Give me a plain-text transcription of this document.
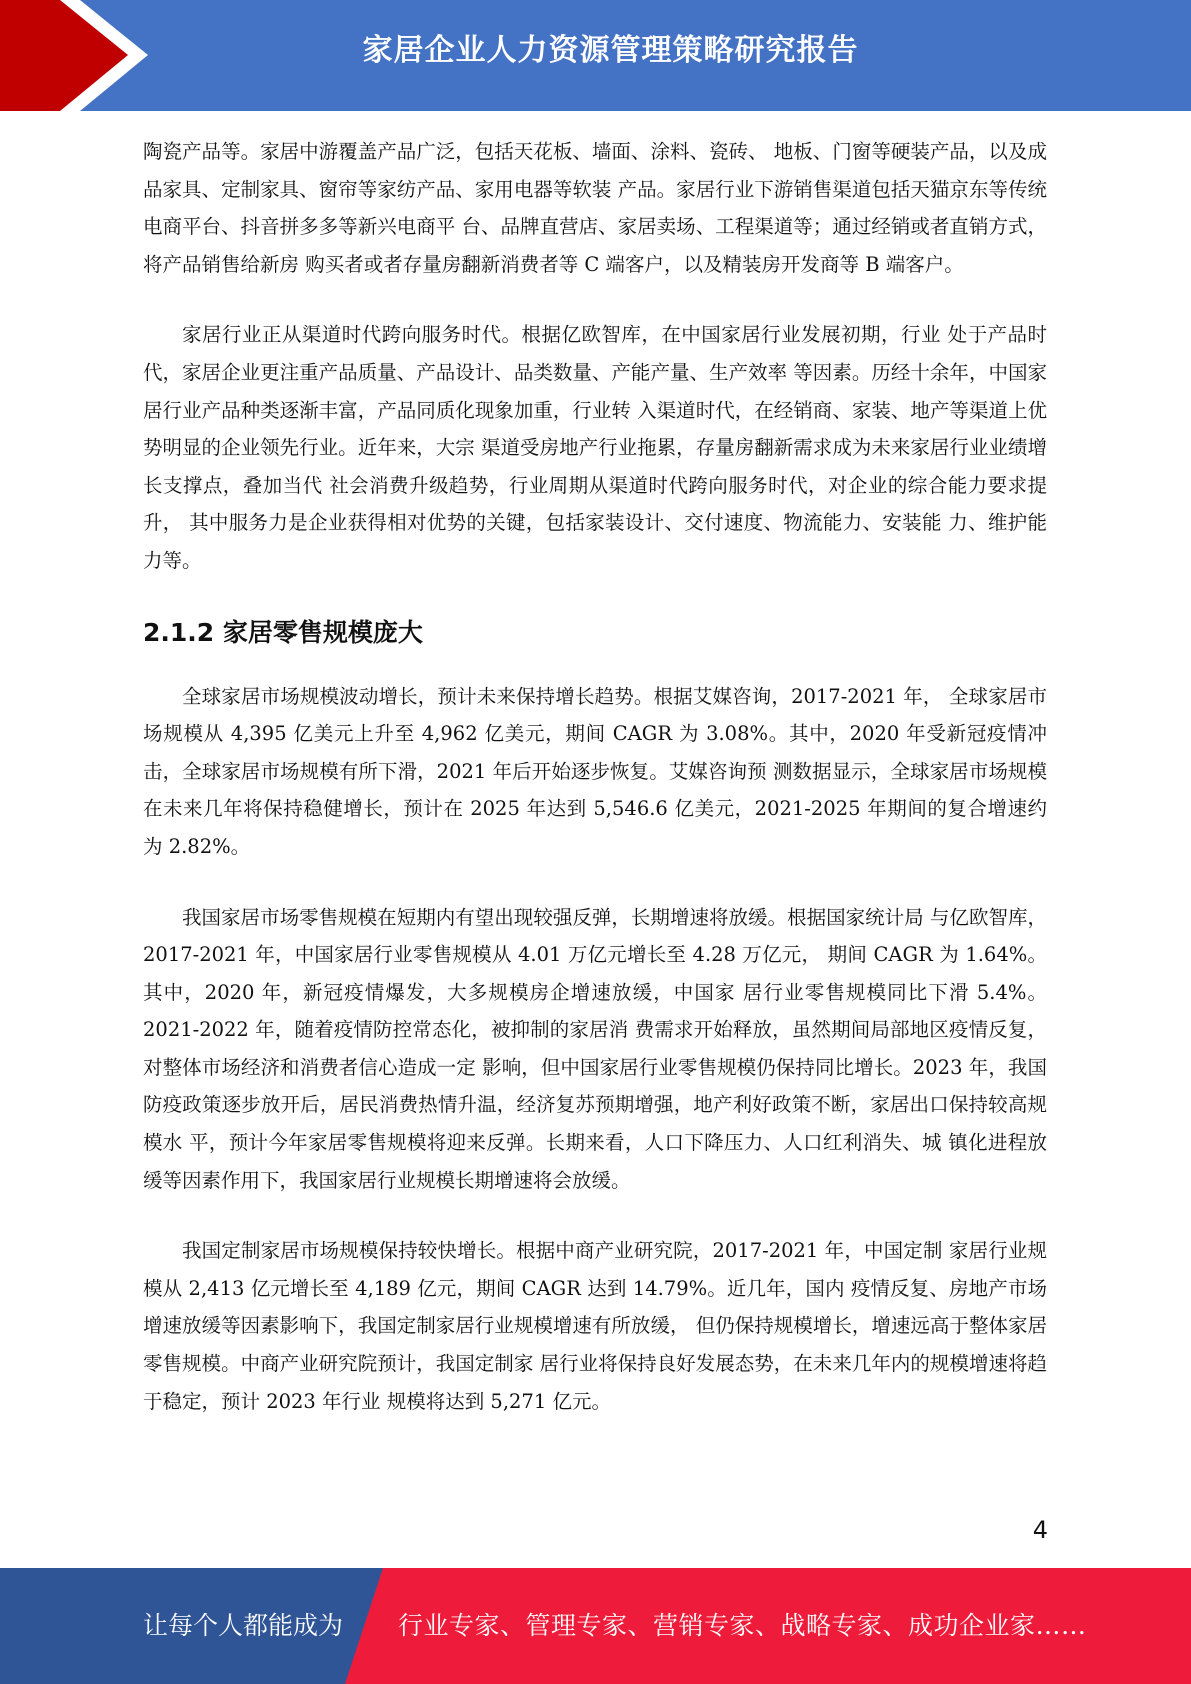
家居企业人力资源管理策略研究报告

陶瓷产品等。家居中游覆盖产品广泛，包括天花板、墙面、涂料、瓷砖、 地板、门窗等硬装产品，以及成品家具、定制家具、窗帘等家纺产品、家用电器等软装 产品。家居行业下游销售渠道包括天猫京东等传统电商平台、抖音拼多多等新兴电商平 台、品牌直营店、家居卖场、工程渠道等；通过经销或者直销方式，将产品销售给新房 购买者或者存量房翻新消费者等 C 端客户，以及精装房开发商等 B 端客户。

家居行业正从渠道时代跨向服务时代。根据亿欧智库，在中国家居行业发展初期，行业 处于产品时代，家居企业更注重产品质量、产品设计、品类数量、产能产量、生产效率 等因素。历经十余年，中国家居行业产品种类逐渐丰富，产品同质化现象加重，行业转 入渠道时代，在经销商、家装、地产等渠道上优势明显的企业领先行业。近年来，大宗 渠道受房地产行业拖累，存量房翻新需求成为未来家居行业业绩增长支撑点，叠加当代 社会消费升级趋势，行业周期从渠道时代跨向服务时代，对企业的综合能力要求提升， 其中服务力是企业获得相对优势的关键，包括家装设计、交付速度、物流能力、安装能 力、维护能力等。

2.1.2 家居零售规模庞大

全球家居市场规模波动增长，预计未来保持增长趋势。根据艾媒咨询，2017-2021 年， 全球家居市场规模从 4,395 亿美元上升至 4,962 亿美元，期间 CAGR 为 3.08%。其中，2020 年受新冠疫情冲击，全球家居市场规模有所下滑，2021 年后开始逐步恢复。艾媒咨询预 测数据显示，全球家居市场规模在未来几年将保持稳健增长，预计在 2025 年达到 5,546.6 亿美元，2021-2025 年期间的复合增速约为 2.82%。

我国家居市场零售规模在短期内有望出现较强反弹，长期增速将放缓。根据国家统计局 与亿欧智库，2017-2021 年，中国家居行业零售规模从 4.01 万亿元增长至 4.28 万亿元， 期间 CAGR 为 1.64%。其中，2020 年，新冠疫情爆发，大多规模房企增速放缓，中国家 居行业零售规模同比下滑 5.4%。2021-2022 年，随着疫情防控常态化，被抑制的家居消 费需求开始释放，虽然期间局部地区疫情反复，对整体市场经济和消费者信心造成一定 影响，但中国家居行业零售规模仍保持同比增长。2023 年，我国防疫政策逐步放开后，居民消费热情升温，经济复苏预期增强，地产利好政策不断，家居出口保持较高规模水 平，预计今年家居零售规模将迎来反弹。长期来看，人口下降压力、人口红利消失、城 镇化进程放缓等因素作用下，我国家居行业规模长期增速将会放缓。

我国定制家居市场规模保持较快增长。根据中商产业研究院，2017-2021 年，中国定制 家居行业规模从 2,413 亿元增长至 4,189 亿元，期间 CAGR 达到 14.79%。近几年，国内 疫情反复、房地产市场增速放缓等因素影响下，我国定制家居行业规模增速有所放缓， 但仍保持规模增长，增速远高于整体家居零售规模。中商产业研究院预计，我国定制家 居行业将保持良好发展态势，在未来几年内的规模增速将趋于稳定，预计 2023 年行业 规模将达到 5,271 亿元。

4
让每个人都能成为 行业专家、管理专家、营销专家、战略专家、成功企业家……
